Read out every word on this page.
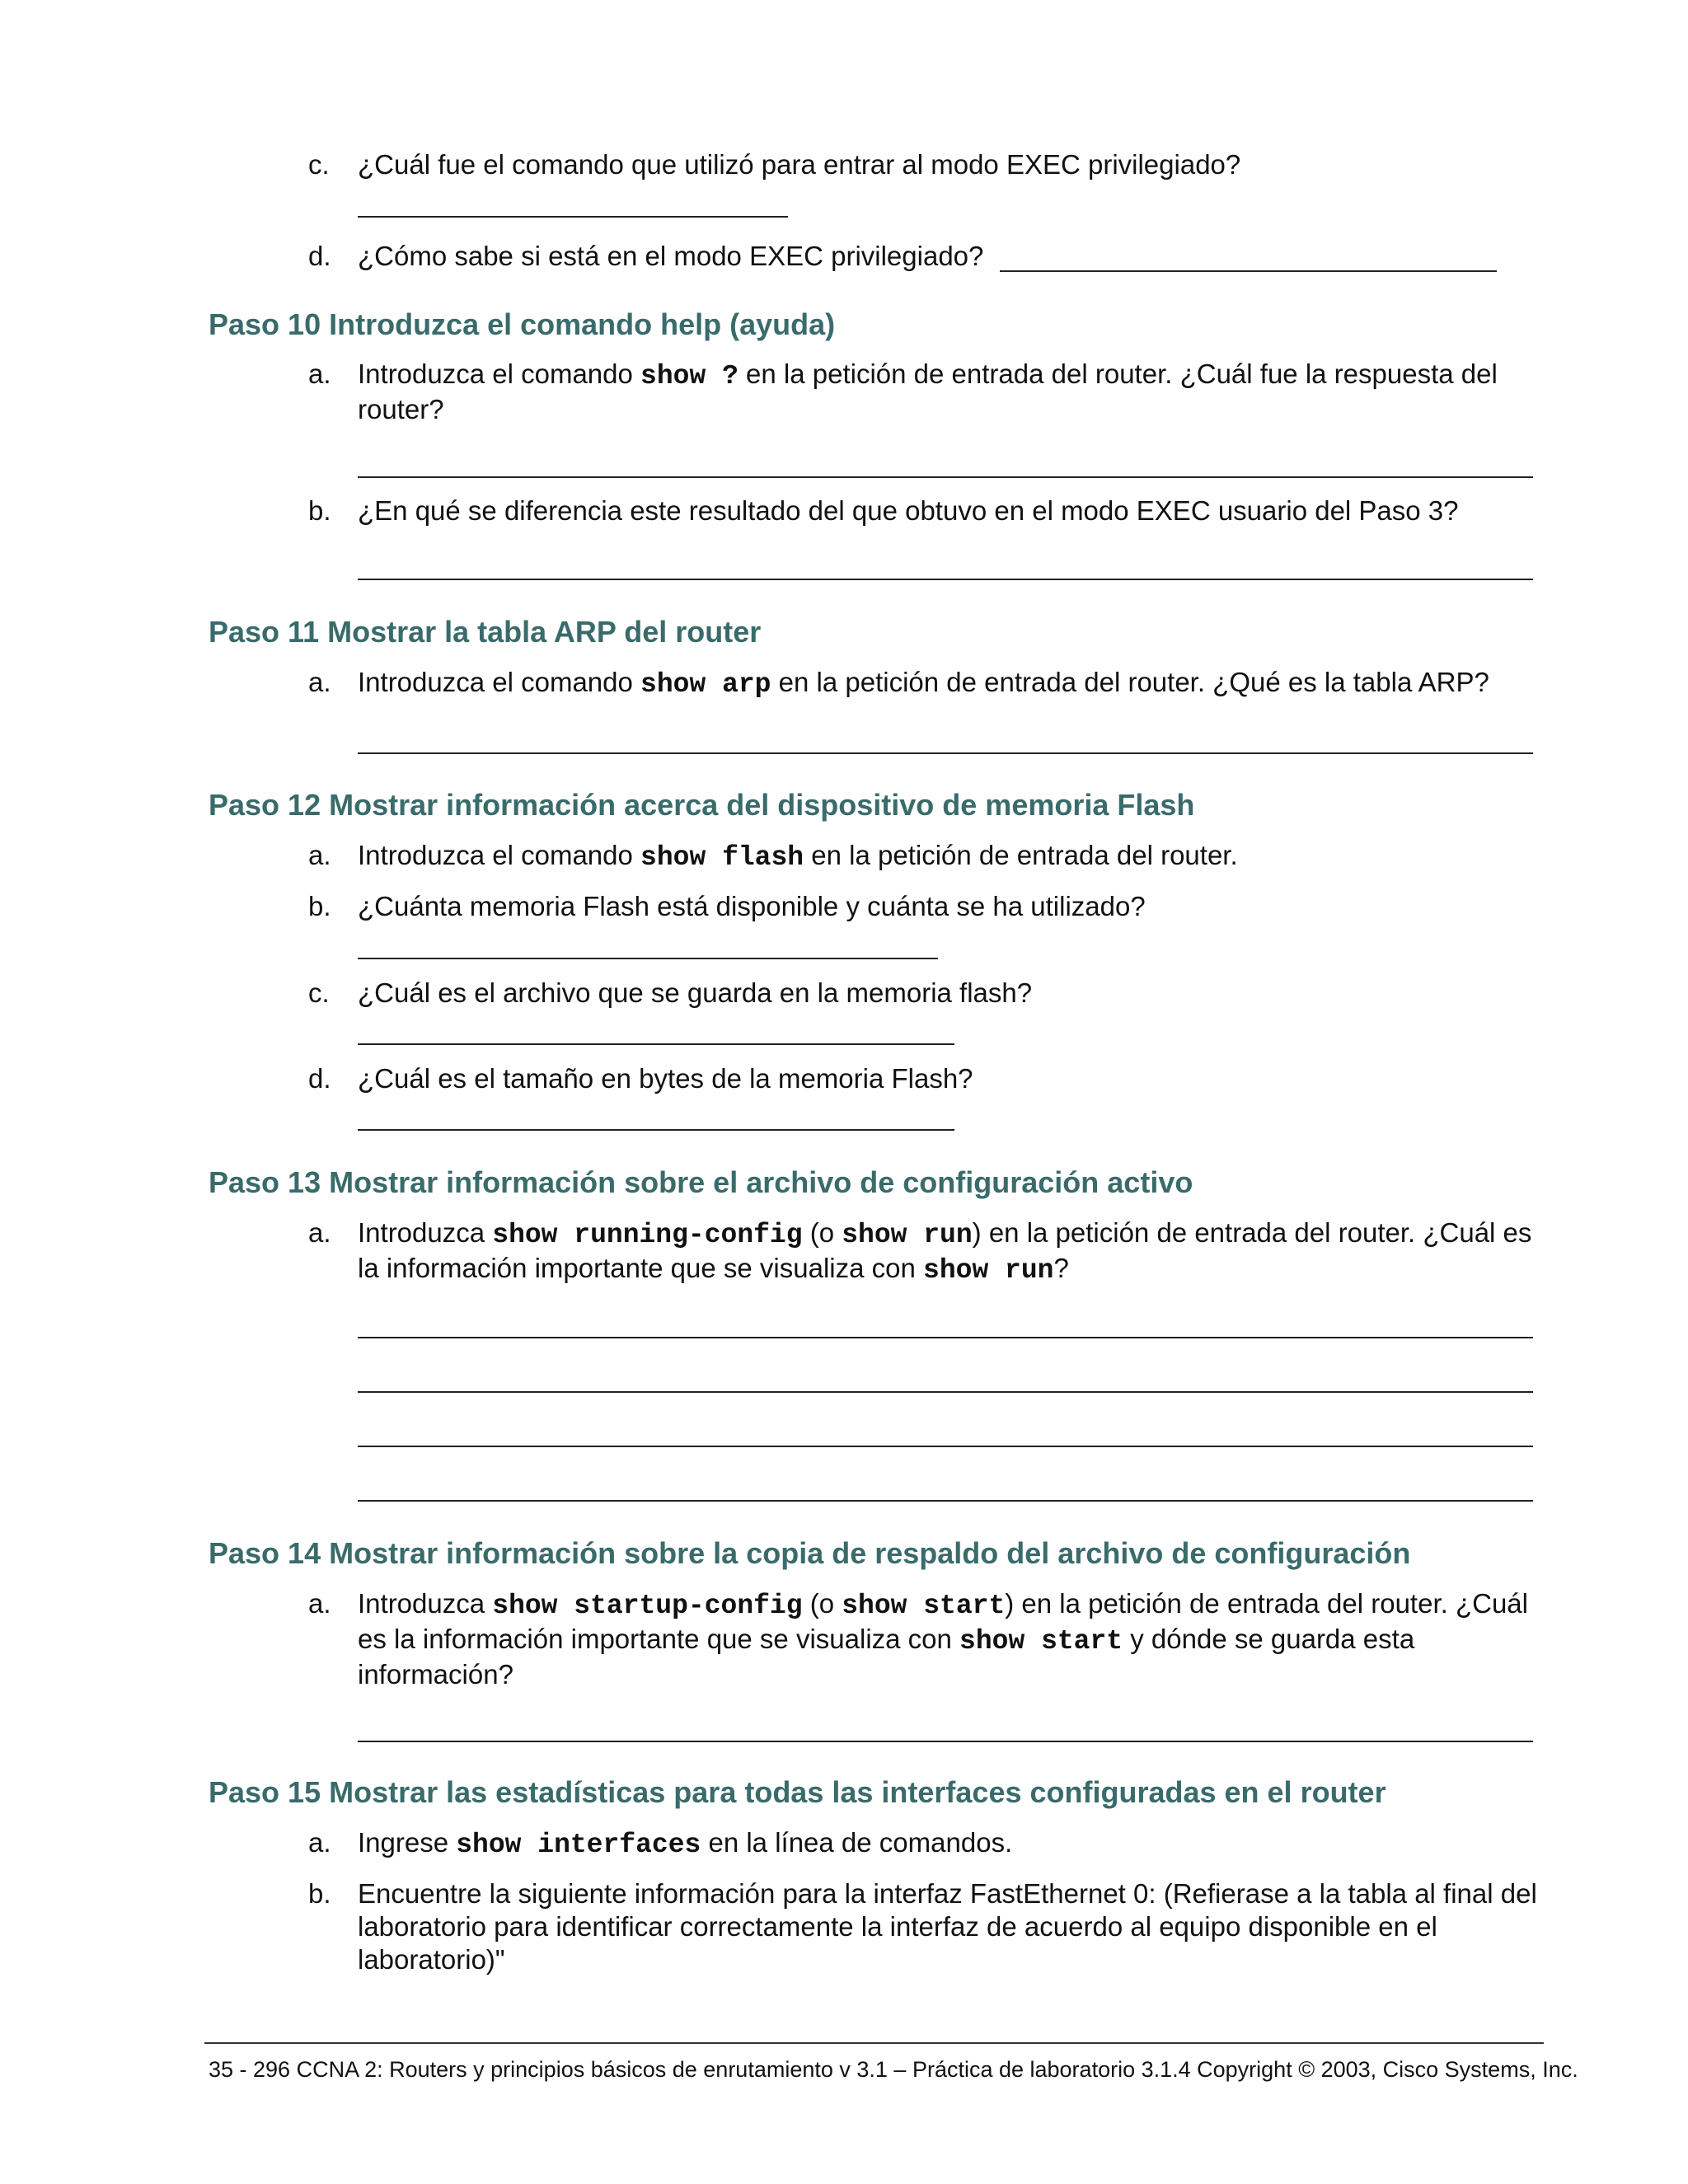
c.	¿Cuál fue el comando que utilizó para entrar al modo EXEC privilegiado?
d. ¿Cómo sabe si está en el modo EXEC privilegiado?
Paso 10 Introduzca el comando help (ayuda)
a. Introduzca el comando show ? en la petición de entrada del router. ¿Cuál fue la respuesta del router?
b. ¿En qué se diferencia este resultado del que obtuvo en el modo EXEC usuario del Paso 3?
Paso 11 Mostrar la tabla ARP del router
a. Introduzca el comando show arp en la petición de entrada del router. ¿Qué es la tabla ARP?
Paso 12 Mostrar información acerca del dispositivo de memoria Flash
a. Introduzca el comando show flash en la petición de entrada del router.
b. ¿Cuánta memoria Flash está disponible y cuánta se ha utilizado?
c.	¿Cuál es el archivo que se guarda en la memoria flash?
d. ¿Cuál es el tamaño en bytes de la memoria Flash?
Paso 13 Mostrar información sobre el archivo de configuración activo
a. Introduzca show running-config (o show run) en la petición de entrada del router. ¿Cuál es la información importante que se visualiza con show run?
Paso 14 Mostrar información sobre la copia de respaldo del archivo de configuración
a. Introduzca show startup-config (o show start) en la petición de entrada del router. ¿Cuál es la información importante que se visualiza con show start y dónde se guarda esta información?
Paso 15 Mostrar las estadísticas para todas las interfaces configuradas en el router
a. Ingrese show interfaces en la línea de comandos.
b. Encuentre la siguiente información para la interfaz FastEthernet 0: (Refierase a la tabla al final del laboratorio para identificar correctamente la interfaz de acuerdo al equipo disponible en el laboratorio)"
35 - 296 CCNA 2: Routers y principios básicos de enrutamiento v 3.1 – Práctica de laboratorio 3.1.4 Copyright © 2003, Cisco Systems, Inc.
